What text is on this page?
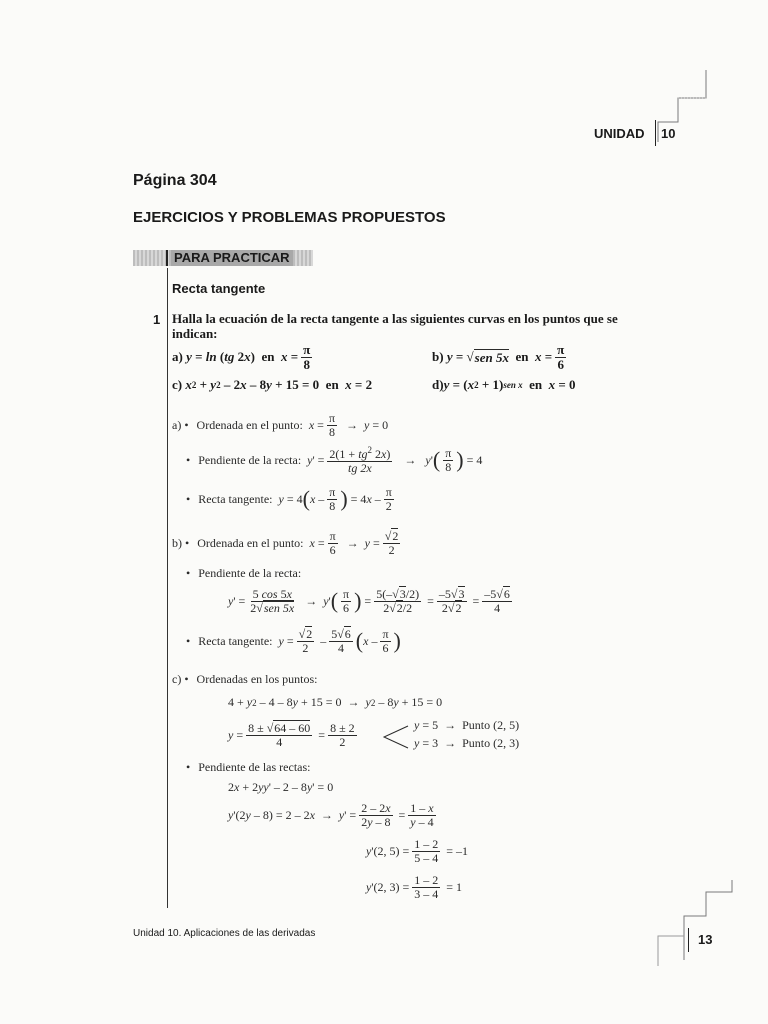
UNIDAD 10
Página 304
EJERCICIOS Y PROBLEMAS PROPUESTOS
PARA PRACTICAR
Recta tangente
1 Halla la ecuación de la recta tangente a las siguientes curvas en los puntos que se indican:
a)
y = ln ( tg 2 x ) en
$x = \frac{\pi}{8}$	b)
y = √ sen 5x
en
$x = \frac{\pi}{6}$
c)
x 2 + y 2 – 2 x – 8 y + 15 = 0 en
x = 2	d) y = ( x 2 + 1) sen x
en
x = 0
a)
	• Ordenada en el punto:
$x = \frac{\pi}{8} \to y = 0$
• Pendiente de la recta:
y ' = $\frac{2(1 + tg^2 2x)}{tg 2x} \to y$ ' ( $\frac{\pi}{8}$ ) = 4
• Recta tangente:
y = 4 ( x – $\frac{\pi}{8}$ ) = 4 x – $\frac{\pi}{2}$
b)
	• Ordenada en el punto:
$x = \frac{\pi}{6} \to y = \frac{√2}{2}$
• Pendiente de la recta:
y ' = $\frac{5 \cos 5x}{\text{2√sen 5x}} \to y$ ' ( $\frac{\pi}{6}$ ) = $\frac{5(-√3/2)}{2√2/2} = \frac{-5√3}{2√2} = \frac{-5√6}{4}$
• Recta tangente:
$y = \frac{√2}{2} - \frac{5√6}{4}$ ( x – $\frac{\pi}{6}$ )
c)
	• Ordenadas en los puntos:
4 + y 2 – 4 – 8 y + 15 = 0  → y 2 – 8 y + 15 = 0
$y = \frac{8 \pm √64 - 60}{4} = \frac{8 \pm 2}{2}$	y = 5  → Punto (2, 5)
y = 3  → Punto (2, 3)
• Pendiente de las rectas:
2 x + 2 yy ' – 2 – 8 y ' = 0
y '(2 y – 8) = 2 – 2 x → y ' = $\frac{2 - 2x}{2y - 8} = \frac{1 - x}{y - 4}$
y '(2, $5) = \frac{1 - 2}{5 - 4} = -1$
y '(2, $3) = \frac{1 - 2}{3 - 4} = 1$
Unidad 10. Aplicaciones de las derivadas	13
